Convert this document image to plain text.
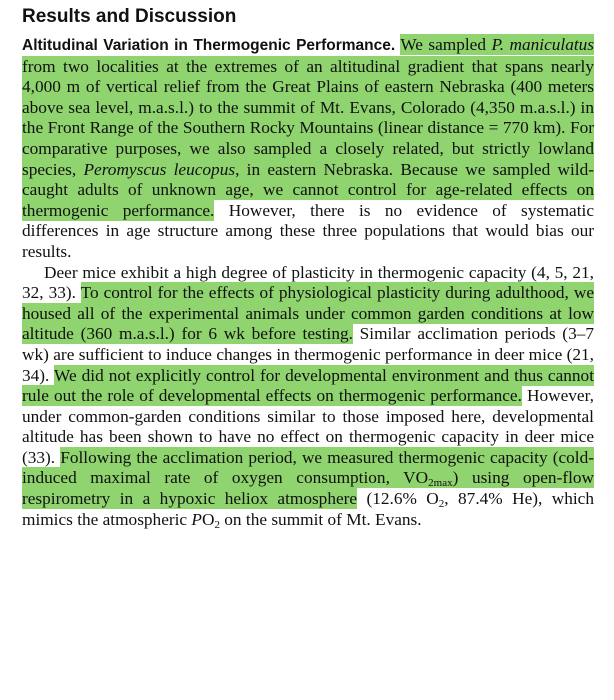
Results and Discussion

Altitudinal Variation in Thermogenic Performance. We sampled P. maniculatus from two localities at the extremes of an altitudinal gradient that spans nearly 4,000 m of vertical relief from the Great Plains of eastern Nebraska (400 meters above sea level, m.a.s.l.) to the summit of Mt. Evans, Colorado (4,350 m.a.s.l.) in the Front Range of the Southern Rocky Mountains (linear distance = 770 km). For comparative purposes, we also sampled a closely related, but strictly lowland species, Peromyscus leucopus, in eastern Nebraska. Because we sampled wild-caught adults of unknown age, we cannot control for age-related effects on thermogenic performance. However, there is no evidence of systematic differences in age structure among these three populations that would bias our results.

Deer mice exhibit a high degree of plasticity in thermogenic capacity (4, 5, 21, 32, 33). To control for the effects of physiological plasticity during adulthood, we housed all of the experimental animals under common garden conditions at low altitude (360 m.a.s.l.) for 6 wk before testing. Similar acclimation periods (3–7 wk) are sufficient to induce changes in thermogenic performance in deer mice (21, 34). We did not explicitly control for developmental environment and thus cannot rule out the role of developmental effects on thermogenic performance. However, under common-garden conditions similar to those imposed here, developmental altitude has been shown to have no effect on thermogenic capacity in deer mice (33). Following the acclimation period, we measured thermogenic capacity (cold-induced maximal rate of oxygen consumption, $VO_{2max}$) using open-flow respirometry in a hypoxic heliox atmosphere (12.6% $O_2$, 87.4% He), which mimics the atmospheric $PO_2$ on the summit of Mt. Evans.
